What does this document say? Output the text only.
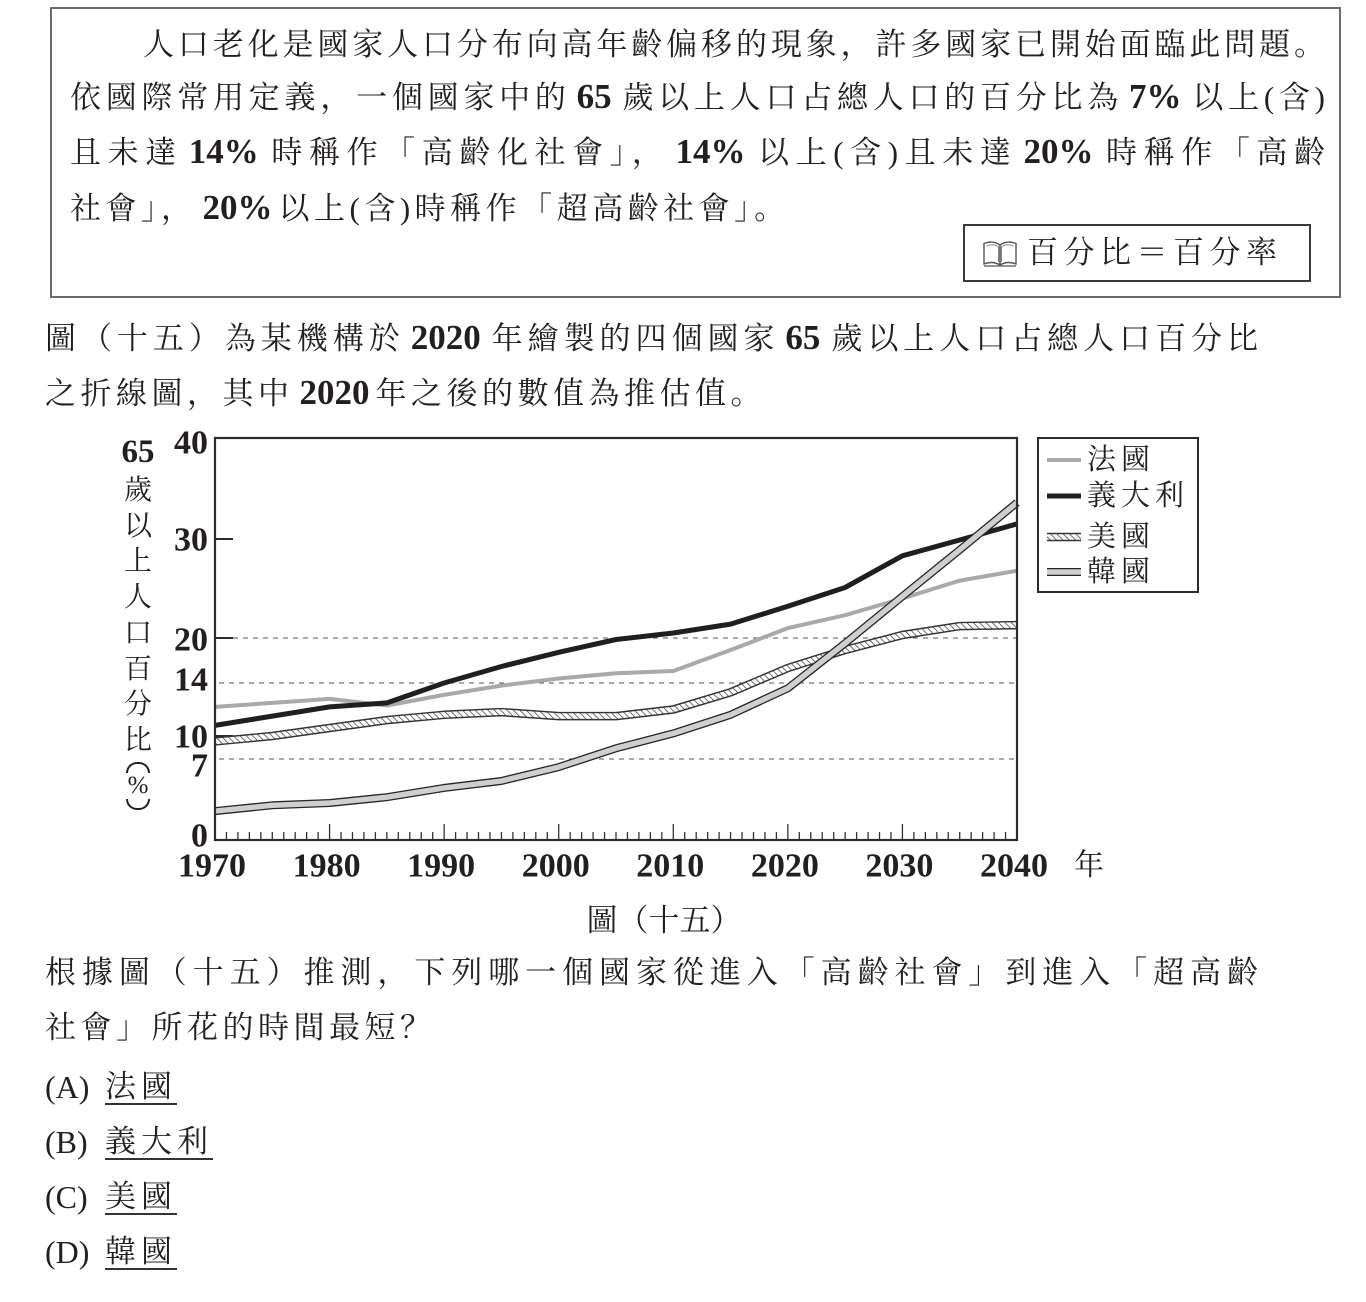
人口老化是國家人口分布向高年齡偏移的現象，許多國家已開始面臨此問題。
依國際常用定義，一個國家中的 65 歲以上人口占總人口的百分比為 7% 以上(含)
且未達 14% 時稱作「高齡化社會」， 14% 以上(含)且未達 20% 時稱作「高齡
社會」， 20% 以上(含)時稱作「超高齡社會」。
百分比＝百分率
圖（十五）為某機構於 2020 年繪製的四個國家 65 歲以上人口占總人口百分比
之折線圖，其中 2020 年之後的數值為推估值。
0
7
10
14
20
30
40
1970 1980 1990 2000 2010 2020 2030 2040
65
歲以上人口百分比
%
年
法國
義大利
美國
韓國
圖（十五）
根據圖（十五）推測，下列哪一個國家從進入「高齡社會」到進入「超高齡
社會」所花的時間最短？
(A) 法國
(B) 義大利
(C) 美國
(D) 韓國
